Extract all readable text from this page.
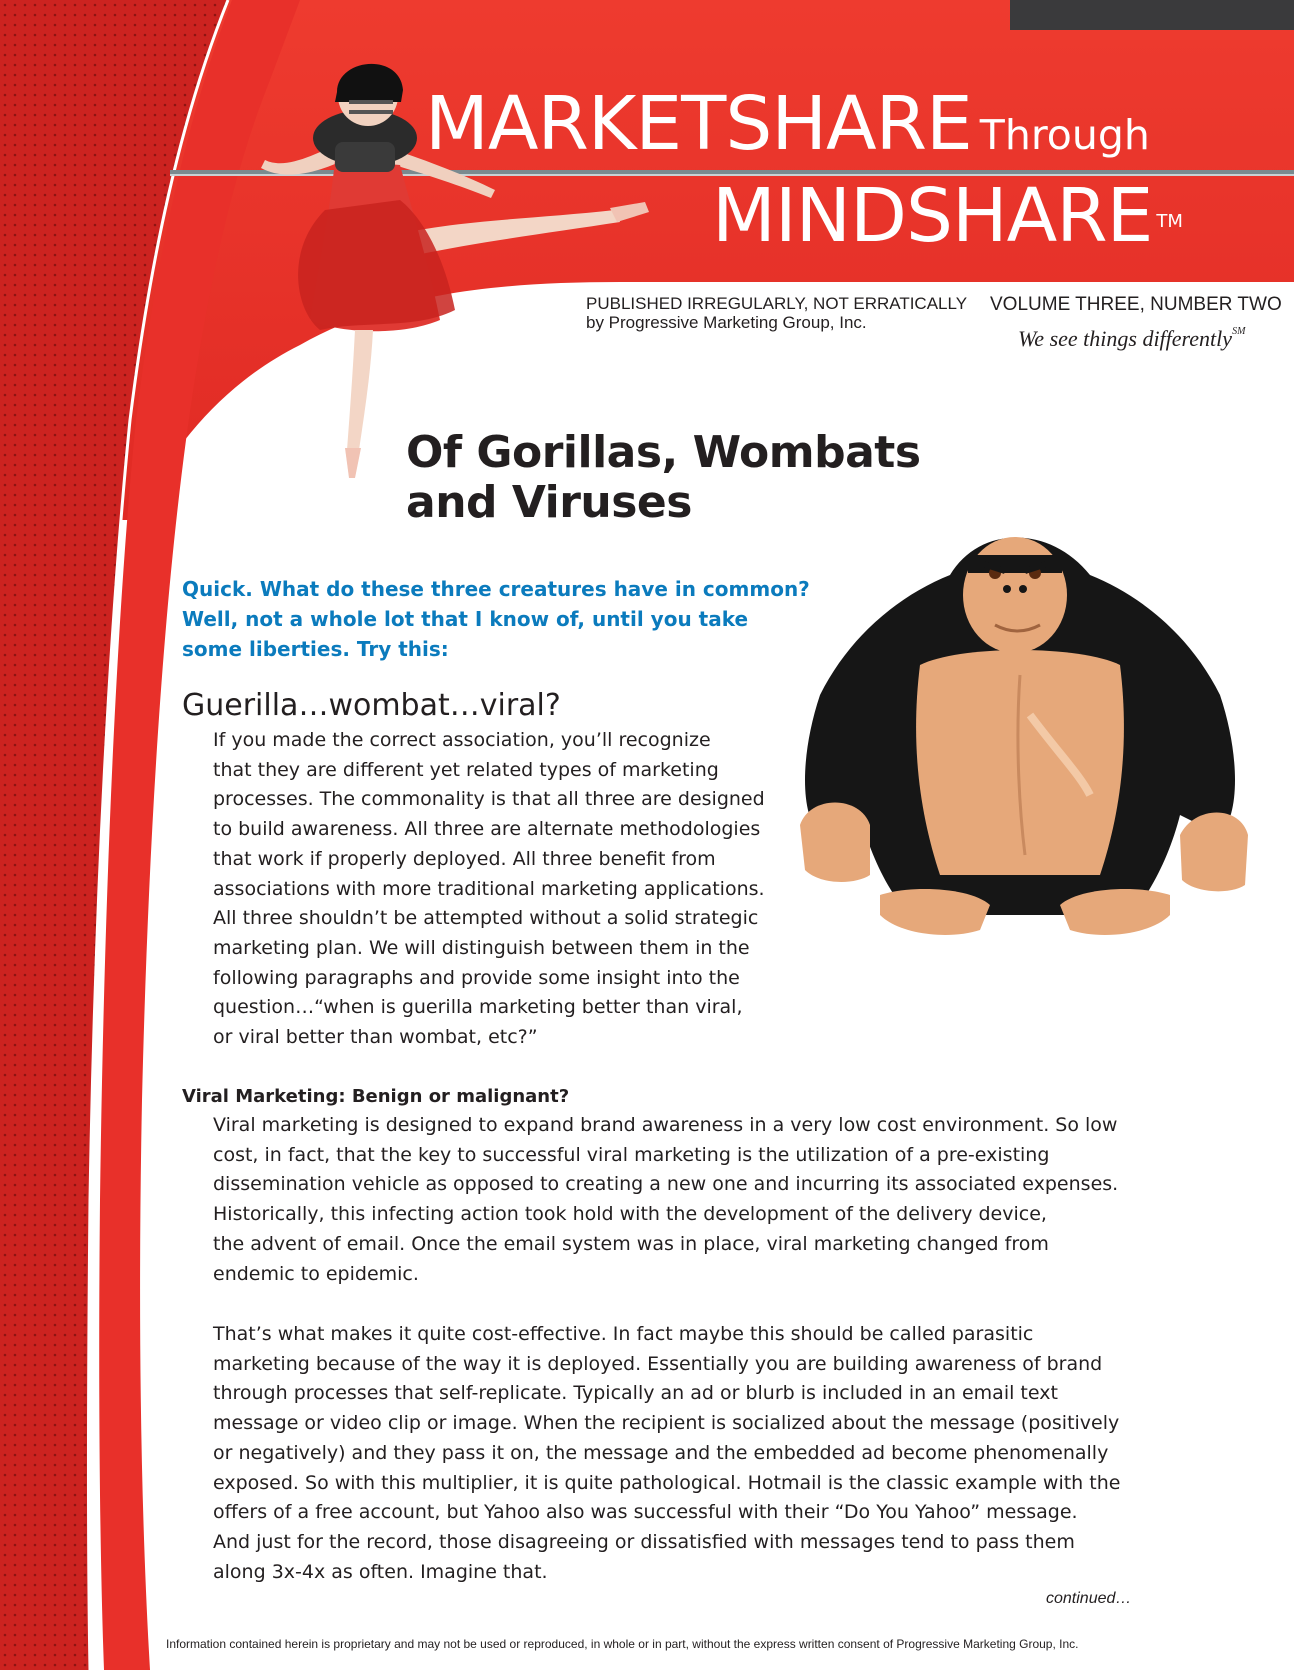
MARKETSHARE Through
MINDSHARE ™
PUBLISHED IRREGULARLY, NOT ERRATICALLY
by Progressive Marketing Group, Inc.
VOLUME THREE, NUMBER TWO
We see things differently℠
Of Gorillas, Wombats
and Viruses
Quick. What do these three creatures have in common?
Well, not a whole lot that I know of, until you take
some liberties. Try this:
Guerilla…wombat…viral?
If you made the correct association, you’ll recognize
that they are different yet related types of marketing
processes. The commonality is that all three are designed
to build awareness. All three are alternate methodologies
that work if properly deployed. All three benefit from
associations with more traditional marketing applications.
All three shouldn’t be attempted without a solid strategic
marketing plan. We will distinguish between them in the
following paragraphs and provide some insight into the
question…“when is guerilla marketing better than viral,
or viral better than wombat, etc?”
Viral Marketing: Benign or malignant?
Viral marketing is designed to expand brand awareness in a very low cost environment. So low
cost, in fact, that the key to successful viral marketing is the utilization of a pre-existing
dissemination vehicle as opposed to creating a new one and incurring its associated expenses.
Historically, this infecting action took hold with the development of the delivery device,
the advent of email. Once the email system was in place, viral marketing changed from
endemic to epidemic.
That’s what makes it quite cost-effective. In fact maybe this should be called parasitic
marketing because of the way it is deployed. Essentially you are building awareness of brand
through processes that self-replicate. Typically an ad or blurb is included in an email text
message or video clip or image. When the recipient is socialized about the message (positively
or negatively) and they pass it on, the message and the embedded ad become phenomenally
exposed. So with this multiplier, it is quite pathological. Hotmail is the classic example with the
offers of a free account, but Yahoo also was successful with their “Do You Yahoo” message.
And just for the record, those disagreeing or dissatisfied with messages tend to pass them
along 3x-4x as often. Imagine that.
continued…
Information contained herein is proprietary and may not be used or reproduced, in whole or in part, without the express written consent of Progressive Marketing Group, Inc.
